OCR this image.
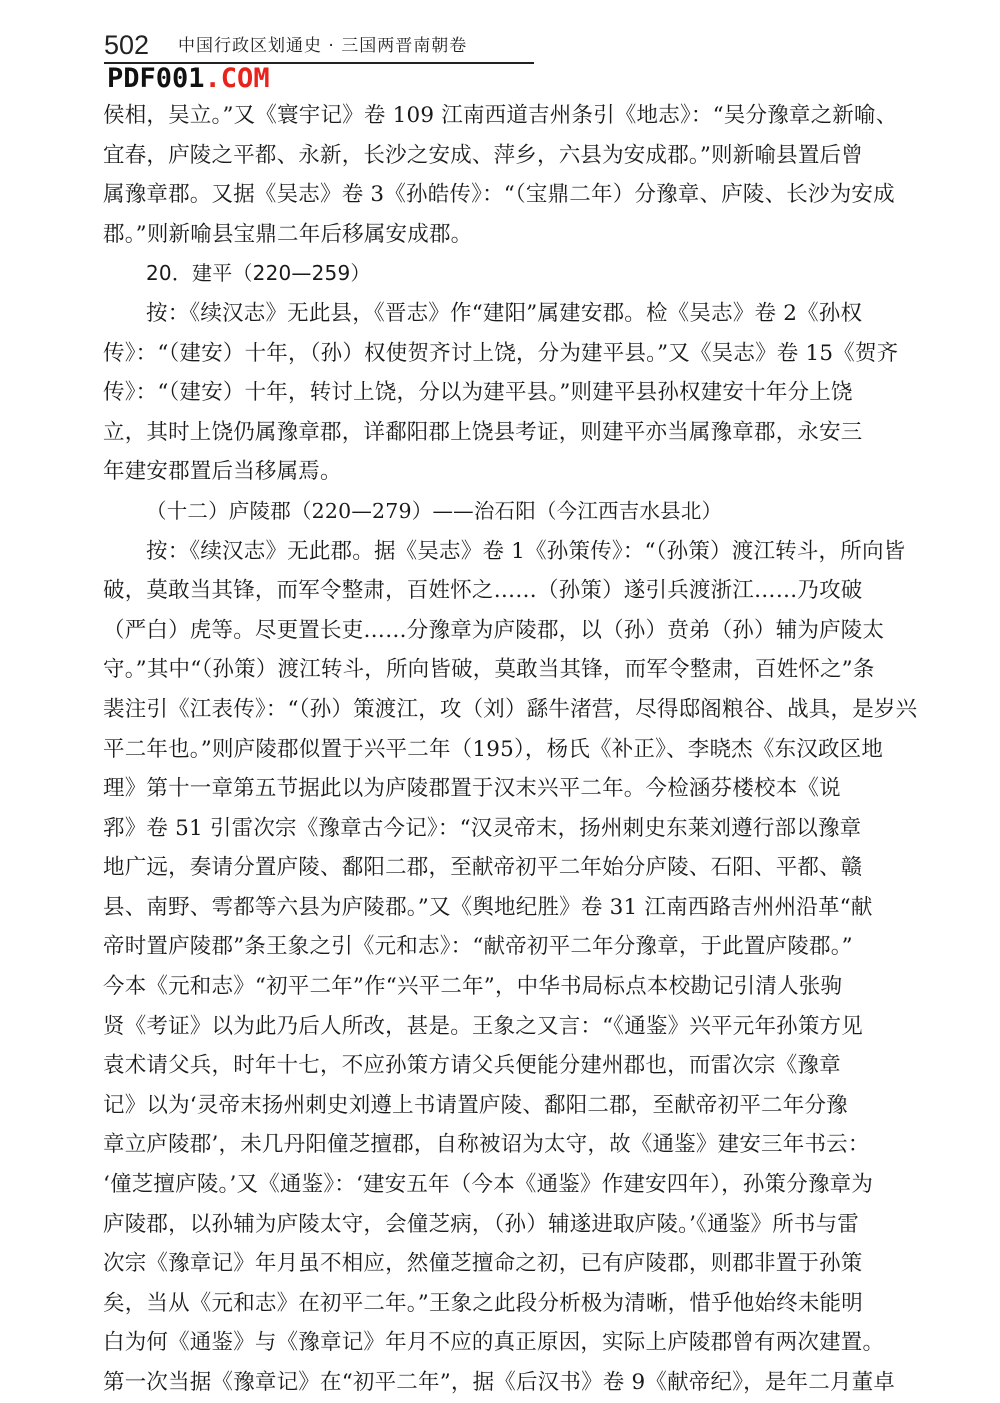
502 中国行政区划通史 · 三国两晋南朝卷
PDF001.COM
侯相，吴立。”又《寰宇记》卷 109 江南西道吉州条引《地志》：“吴分豫章之新喻、
宜春，庐陵之平都、永新，长沙之安成、萍乡，六县为安成郡。”则新喻县置后曾
属豫章郡。又据《吴志》卷 3《孙皓传》：“（宝鼎二年）分豫章、庐陵、长沙为安成
郡。”则新喻县宝鼎二年后移属安成郡。
20．建平（220—259）
按：《续汉志》无此县，《晋志》作“建阳”属建安郡。检《吴志》卷 2《孙权
传》：“（建安）十年，（孙）权使贺齐讨上饶，分为建平县。”又《吴志》卷 15《贺齐
传》：“（建安）十年，转讨上饶，分以为建平县。”则建平县孙权建安十年分上饶
立，其时上饶仍属豫章郡，详鄱阳郡上饶县考证，则建平亦当属豫章郡，永安三
年建安郡置后当移属焉。
（十二）庐陵郡（220—279）——治石阳（今江西吉水县北）
按：《续汉志》无此郡。据《吴志》卷 1《孙策传》：“（孙策）渡江转斗，所向皆
破，莫敢当其锋，而军令整肃，百姓怀之……（孙策）遂引兵渡浙江……乃攻破
（严白）虎等。尽更置长吏……分豫章为庐陵郡，以（孙）贲弟（孙）辅为庐陵太
守。”其中“（孙策）渡江转斗，所向皆破，莫敢当其锋，而军令整肃，百姓怀之”条
裴注引《江表传》：“（孙）策渡江，攻（刘）繇牛渚营，尽得邸阁粮谷、战具，是岁兴
平二年也。”则庐陵郡似置于兴平二年（195），杨氏《补正》、李晓杰《东汉政区地
理》第十一章第五节据此以为庐陵郡置于汉末兴平二年。今检涵芬楼校本《说
郛》卷 51 引雷次宗《豫章古今记》：“汉灵帝末，扬州刺史东莱刘遵行部以豫章
地广远，奏请分置庐陵、鄱阳二郡，至献帝初平二年始分庐陵、石阳、平都、赣
县、南野、雩都等六县为庐陵郡。”又《舆地纪胜》卷 31 江南西路吉州州沿革“献
帝时置庐陵郡”条王象之引《元和志》：“献帝初平二年分豫章，于此置庐陵郡。”
今本《元和志》“初平二年”作“兴平二年”，中华书局标点本校勘记引清人张驹
贤《考证》以为此乃后人所改，甚是。王象之又言：“《通鉴》兴平元年孙策方见
袁术请父兵，时年十七，不应孙策方请父兵便能分建州郡也，而雷次宗《豫章
记》以为‘灵帝末扬州刺史刘遵上书请置庐陵、鄱阳二郡，至献帝初平二年分豫
章立庐陵郡’，未几丹阳僮芝擅郡，自称被诏为太守，故《通鉴》建安三年书云：
‘僮芝擅庐陵。’又《通鉴》：‘建安五年（今本《通鉴》作建安四年），孙策分豫章为
庐陵郡，以孙辅为庐陵太守，会僮芝病，（孙）辅遂进取庐陵。’《通鉴》所书与雷
次宗《豫章记》年月虽不相应，然僮芝擅命之初，已有庐陵郡，则郡非置于孙策
矣，当从《元和志》在初平二年。”王象之此段分析极为清晰，惜乎他始终未能明
白为何《通鉴》与《豫章记》年月不应的真正原因，实际上庐陵郡曾有两次建置。
第一次当据《豫章记》在“初平二年”，据《后汉书》卷 9《献帝纪》，是年二月董卓
